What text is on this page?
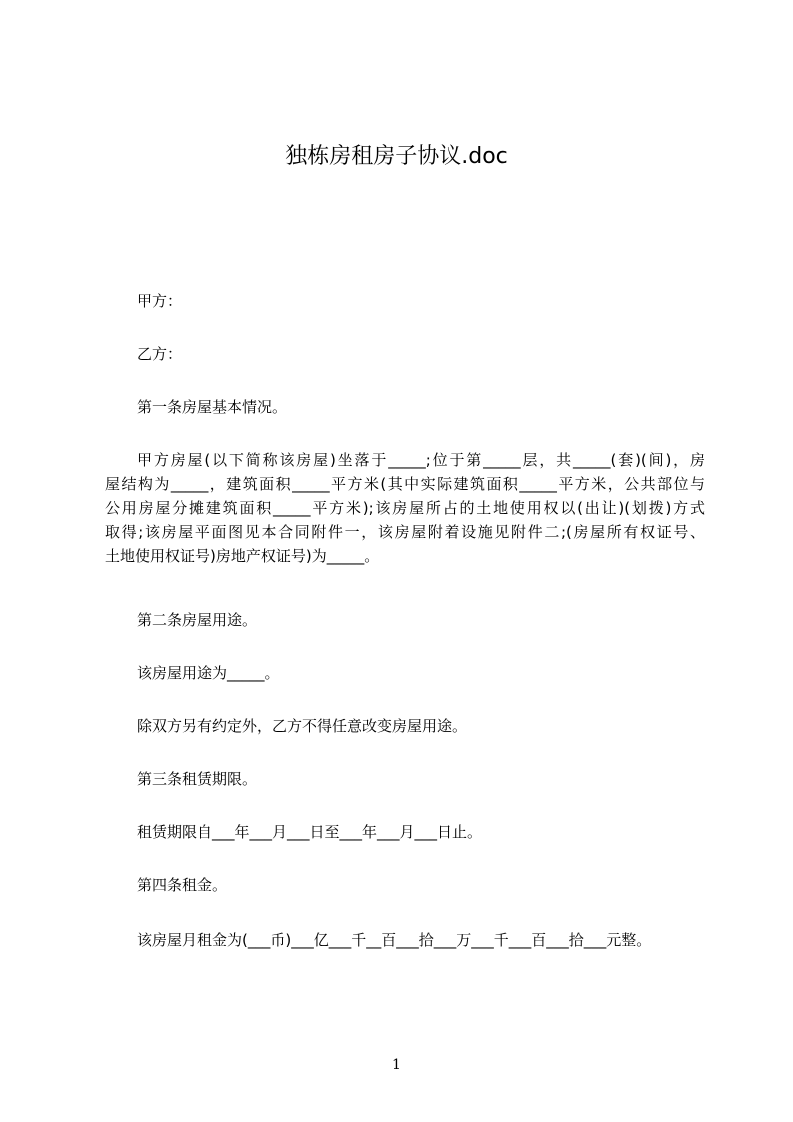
独栋房租房子协议.doc

甲方：

乙方：

第一条房屋基本情况。

甲方房屋(以下简称该房屋)坐落于_____;位于第_____层，共_____(套)(间)，房
屋结构为_____，建筑面积_____平方米(其中实际建筑面积_____平方米，公共部位与
公用房屋分摊建筑面积_____平方米);该房屋所占的土地使用权以(出让)(划拨)方式
取得;该房屋平面图见本合同附件一，该房屋附着设施见附件二;(房屋所有权证号、
土地使用权证号)房地产权证号)为_____。

第二条房屋用途。

该房屋用途为_____。

除双方另有约定外，乙方不得任意改变房屋用途。

第三条租赁期限。

租赁期限自___年___月___日至___年___月___日止。

第四条租金。

该房屋月租金为(___币)___亿___千__百___拾___万___千___百___拾___元整。

1
